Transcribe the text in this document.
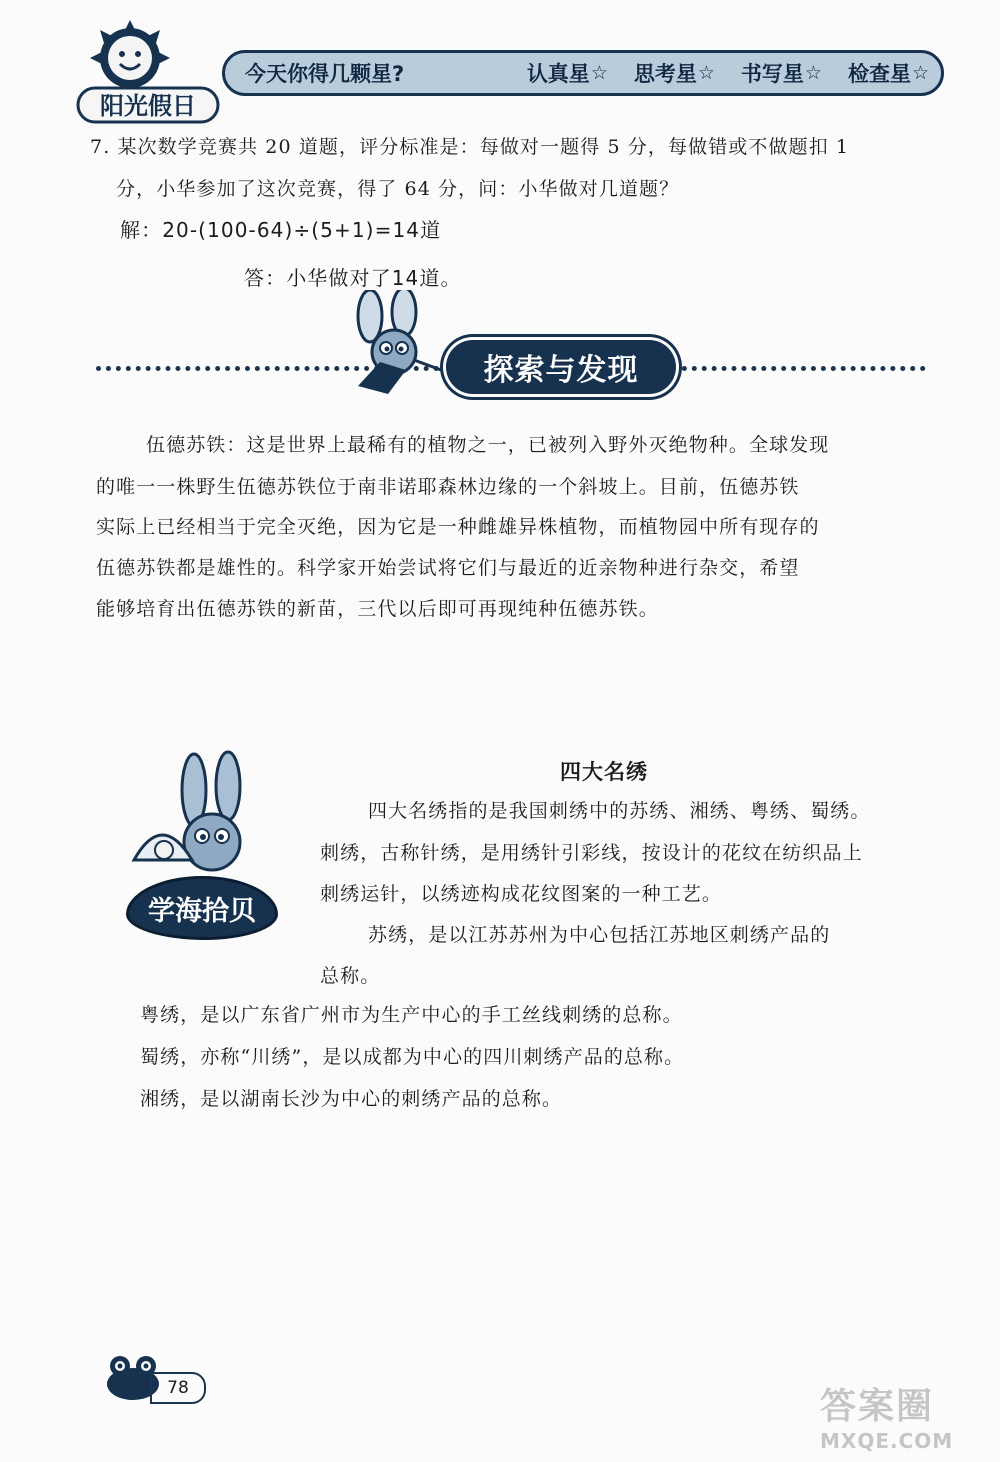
阳光假日
今天你得几颗星?	认真星 ☆ 思考星 ☆ 书写星 ☆ 检查星 ☆
7. 某次数学竞赛共 20 道题，评分标准是：每做对一题得 5 分，每做错或不做题扣 1
分，小华参加了这次竞赛，得了 64 分，问：小华做对几道题？
解：20-(100-64)÷(5+1)=14道
答：小华做对了14道。
探索与发现
伍德苏铁：这是世界上最稀有的植物之一，已被列入野外灭绝物种。全球发现
的唯一一株野生伍德苏铁位于南非诺耶森林边缘的一个斜坡上。目前，伍德苏铁
实际上已经相当于完全灭绝，因为它是一种雌雄异株植物，而植物园中所有现存的
伍德苏铁都是雄性的。科学家开始尝试将它们与最近的近亲物种进行杂交，希望
能够培育出伍德苏铁的新苗，三代以后即可再现纯种伍德苏铁。
学海拾贝
四大名绣
四大名绣指的是我国刺绣中的苏绣、湘绣、粤绣、蜀绣。
刺绣，古称针绣，是用绣针引彩线，按设计的花纹在纺织品上
刺绣运针，以绣迹构成花纹图案的一种工艺。
苏绣，是以江苏苏州为中心包括江苏地区刺绣产品的
总称。
粤绣，是以广东省广州市为生产中心的手工丝线刺绣的总称。
蜀绣，亦称“川绣”，是以成都为中心的四川刺绣产品的总称。
湘绣，是以湖南长沙为中心的刺绣产品的总称。
78	答案圈
MXQE.COM
